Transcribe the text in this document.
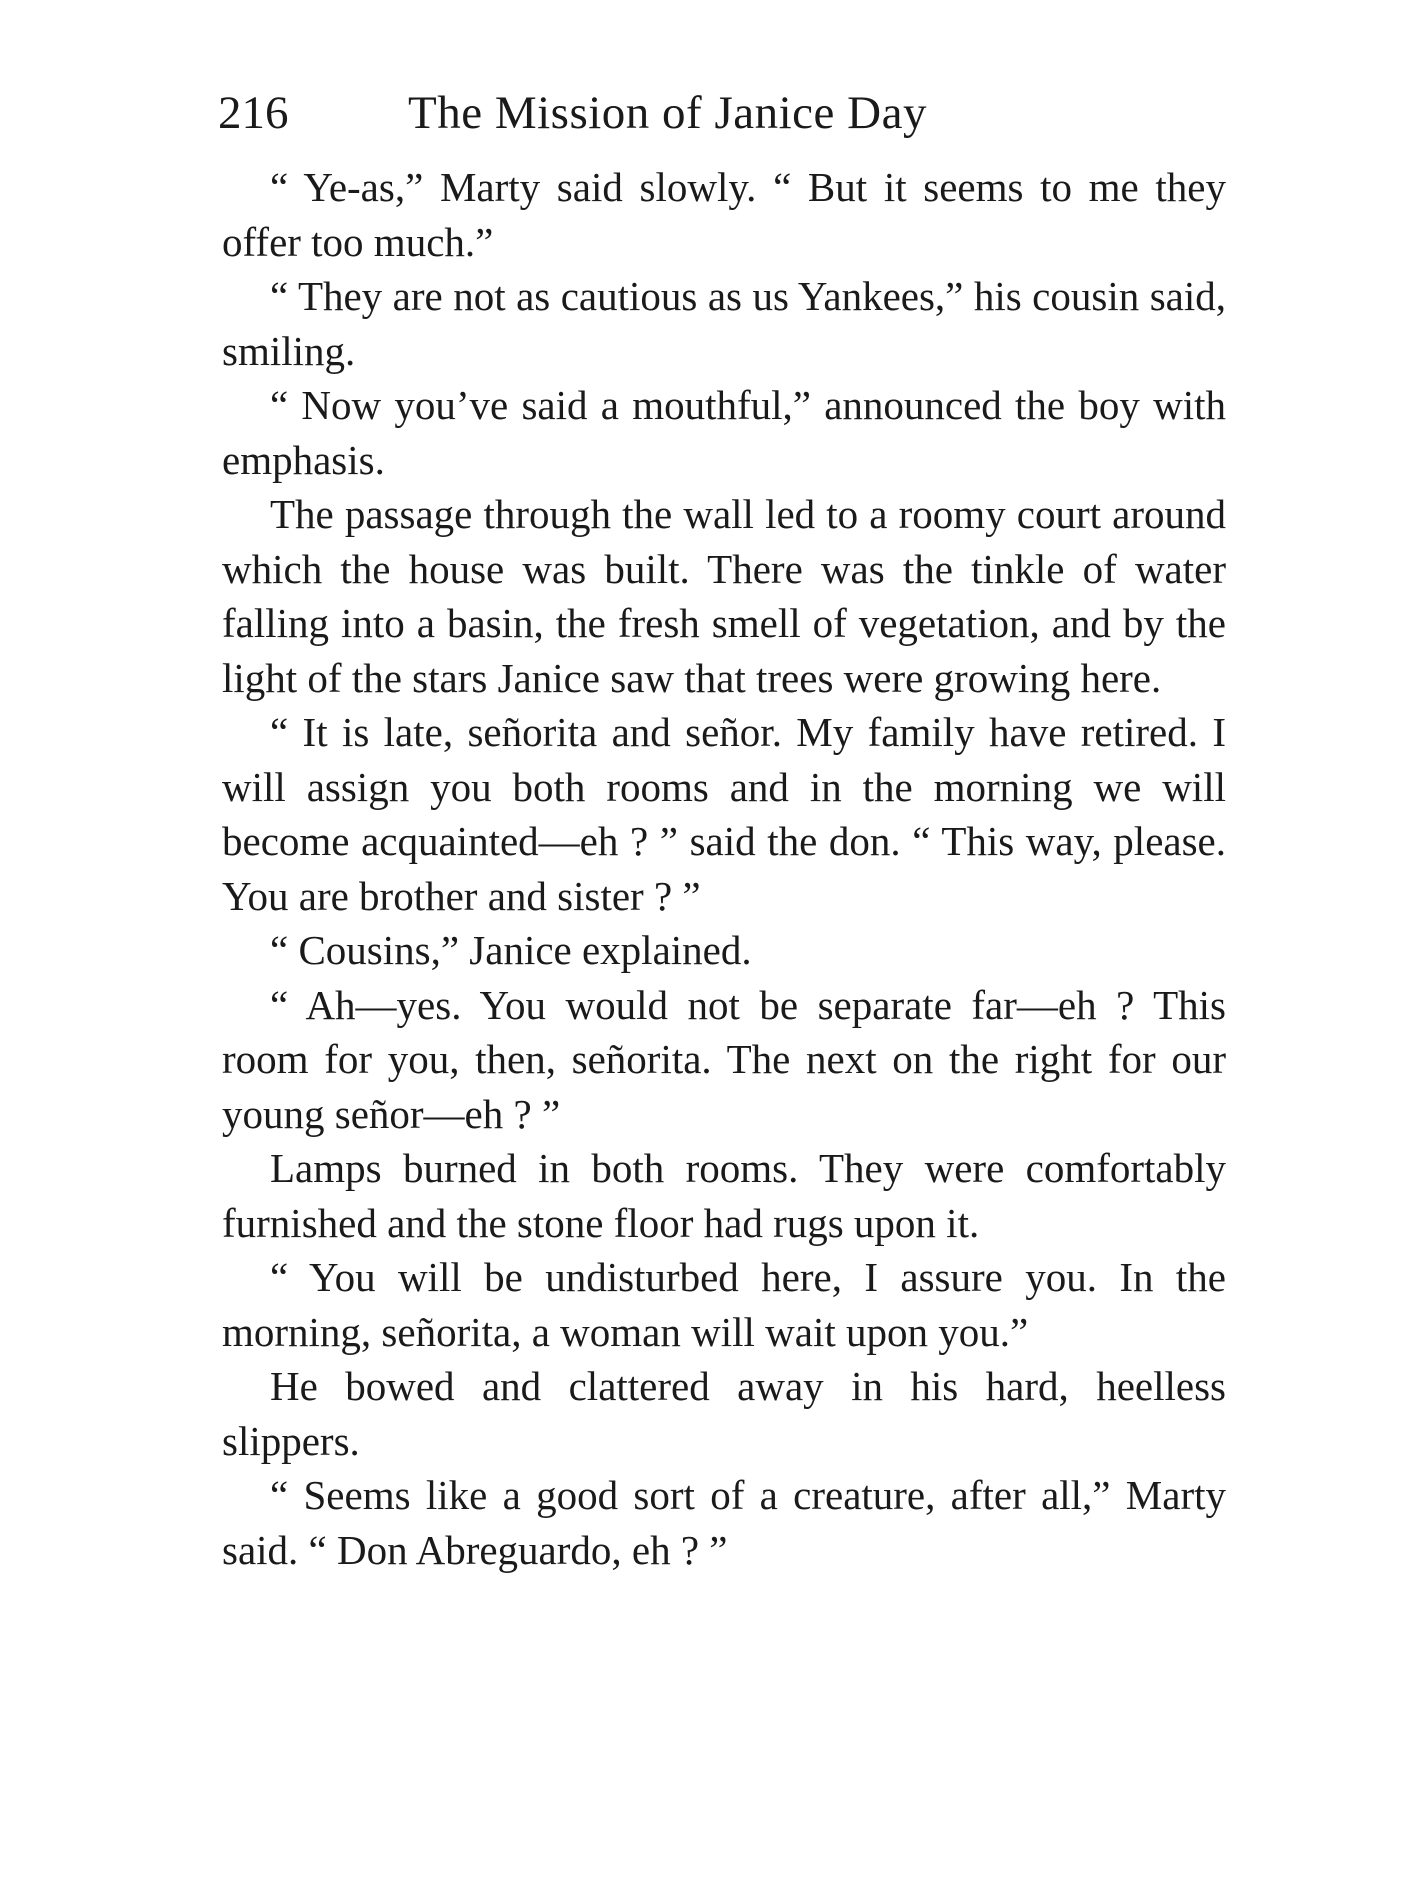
216	The Mission of Janice Day

“ Ye-as,” Marty said slowly. “ But it seems to me they offer too much.”

“ They are not as cautious as us Yankees,” his cousin said, smiling.

“ Now you’ve said a mouthful,” announced the boy with emphasis.

The passage through the wall led to a roomy court around which the house was built. There was the tinkle of water falling into a basin, the fresh smell of vegetation, and by the light of the stars Janice saw that trees were growing here.

“ It is late, señorita and señor. My family have retired. I will assign you both rooms and in the morning we will become acquainted—eh ? ” said the don. “ This way, please. You are brother and sister ? ”

“ Cousins,” Janice explained.

“ Ah—yes. You would not be separate far—eh ? This room for you, then, señorita. The next on the right for our young señor—eh ? ”

Lamps burned in both rooms. They were comfortably furnished and the stone floor had rugs upon it.

“ You will be undisturbed here, I assure you. In the morning, señorita, a woman will wait upon you.”

He bowed and clattered away in his hard, heelless slippers.

“ Seems like a good sort of a creature, after all,” Marty said. “ Don Abreguardo, eh ? ”
